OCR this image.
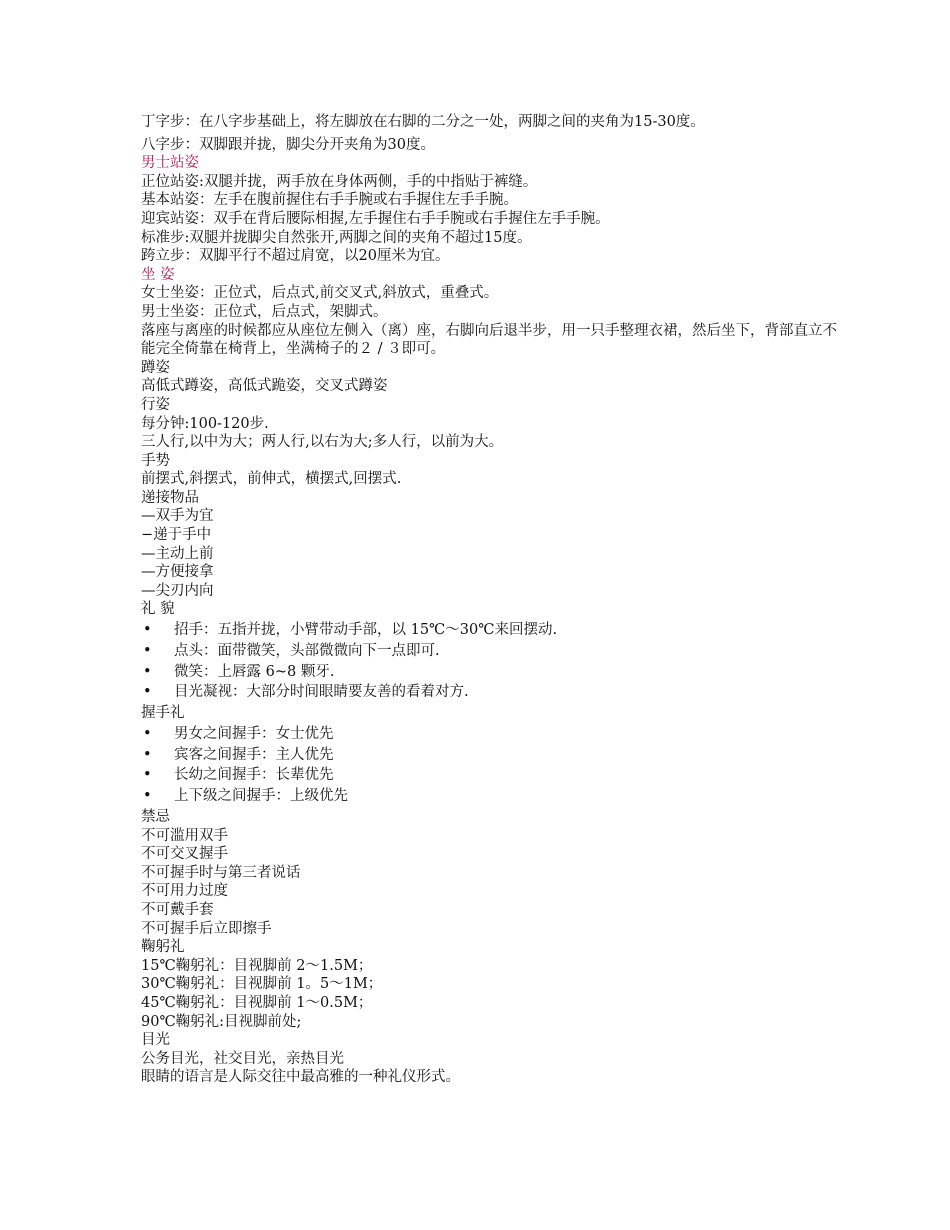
丁字步：在八字步基础上，将左脚放在右脚的二分之一处，两脚之间的夹角为15-30度。
八字步：双脚跟并拢，脚尖分开夹角为30度。
男士站姿
正位站姿:双腿并拢，两手放在身体两侧，手的中指贴于裤缝。
基本站姿：左手在腹前握住右手手腕或右手握住左手手腕。
迎宾站姿：双手在背后腰际相握,左手握住右手手腕或右手握住左手手腕。
标准步:双腿并拢脚尖自然张开,两脚之间的夹角不超过15度。
跨立步：双脚平行不超过肩宽，以20厘米为宜。
坐 姿
女士坐姿：正位式，后点式,前交叉式,斜放式，重叠式。
男士坐姿：正位式，后点式，架脚式。
落座与离座的时候都应从座位左侧入（离）座，右脚向后退半步，用一只手整理衣裙，然后坐下，背部直立不能完全倚靠在椅背上，坐满椅子的２ / ３即可。
蹲姿
高低式蹲姿，高低式跪姿，交叉式蹲姿
行姿
每分钟:100-120步.
三人行,以中为大；两人行,以右为大;多人行，以前为大。
手势
前摆式,斜摆式，前伸式，横摆式,回摆式.
递接物品
—双手为宜
−递于手中
—主动上前
—方便接拿
—尖刃内向
礼 貌
• 招手：五指并拢，小臂带动手部，以 15℃～30℃来回摆动.
• 点头：面带微笑，头部微微向下一点即可.
• 微笑：上唇露 6~8 颗牙.
• 目光凝视：大部分时间眼睛要友善的看着对方.
握手礼
• 男女之间握手：女士优先
• 宾客之间握手：主人优先
• 长幼之间握手：长辈优先
• 上下级之间握手：上级优先
禁忌
不可滥用双手
不可交叉握手
不可握手时与第三者说话
不可用力过度
不可戴手套
不可握手后立即擦手
鞠躬礼
15℃鞠躬礼：目视脚前 2～1.5M；
30℃鞠躬礼：目视脚前 1。5～1M；
45℃鞠躬礼：目视脚前 1～0.5M；
90℃鞠躬礼:目视脚前处;
目光
公务目光，社交目光，亲热目光
眼睛的语言是人际交往中最高雅的一种礼仪形式。
